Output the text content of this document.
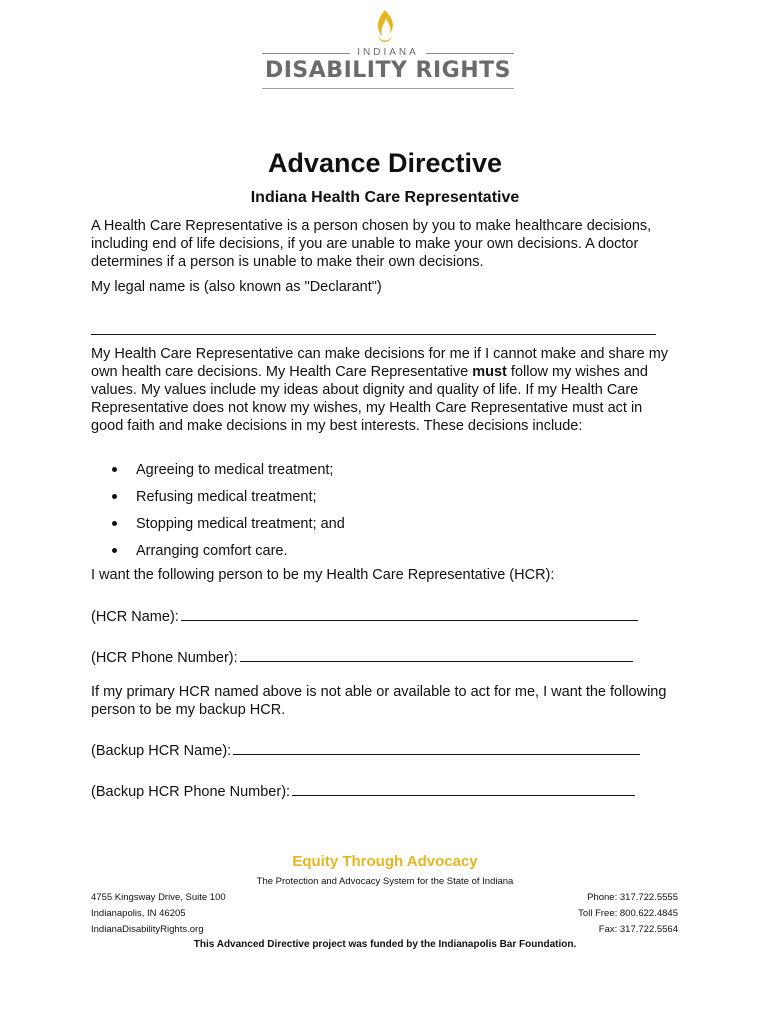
INDIANA
DISABILITY RIGHTS
Advance Directive
Indiana Health Care Representative
A Health Care Representative is a person chosen by you to make healthcare decisions, including end of life decisions, if you are unable to make your own decisions. A doctor determines if a person is unable to make their own decisions.
My legal name is (also known as "Declarant")
My Health Care Representative can make decisions for me if I cannot make and share my own health care decisions. My Health Care Representative must follow my wishes and values. My values include my ideas about dignity and quality of life. If my Health Care Representative does not know my wishes, my Health Care Representative must act in good faith and make decisions in my best interests. These decisions include:
Agreeing to medical treatment;
Refusing medical treatment;
Stopping medical treatment; and
Arranging comfort care.
I want the following person to be my Health Care Representative (HCR):
(HCR Name):
(HCR Phone Number):
If my primary HCR named above is not able or available to act for me, I want the following person to be my backup HCR.
(Backup HCR Name):
(Backup HCR Phone Number):
Equity Through Advocacy
The Protection and Advocacy System for the State of Indiana
4755 Kingsway Drive, Suite 100
Indianapolis, IN 46205
IndianaDisabilityRights.org
Phone: 317.722.5555
Toll Free: 800.622.4845
Fax: 317.722.5564
This Advanced Directive project was funded by the Indianapolis Bar Foundation.
